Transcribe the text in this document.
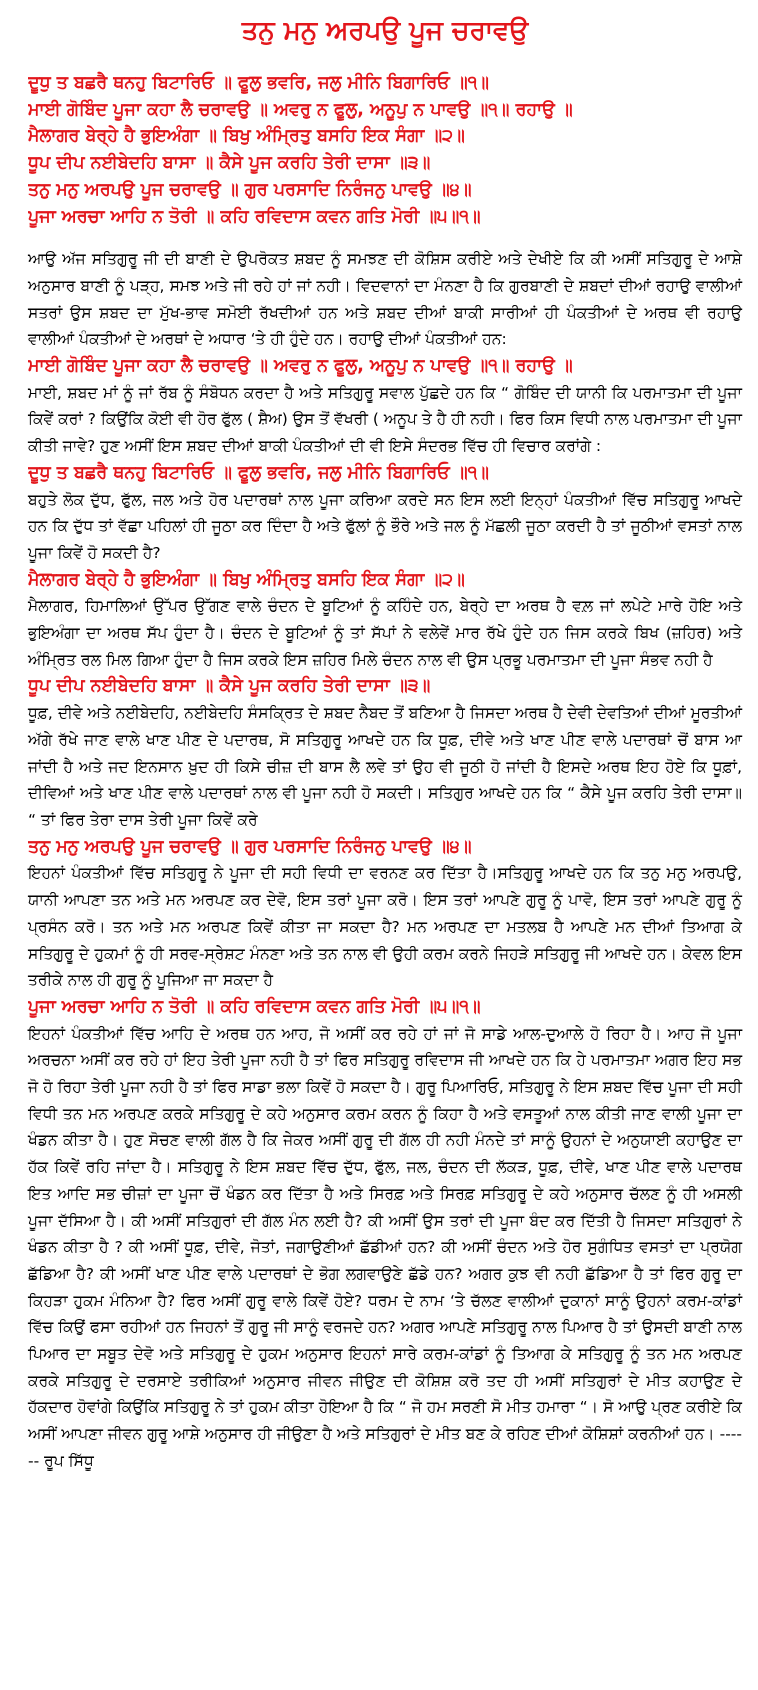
ਤਨੁ ਮਨੁ ਅਰਪਉ ਪੂਜ ਚਰਾਵਉ
ਦੂਧੁ ਤ ਬਛਰੈ ਥਨਹੁ ਬਿਟਾਰਿਓ ॥ ਫੂਲੁ ਭਵਰਿ, ਜਲੁ ਮੀਨਿ ਬਿਗਾਰਿਓ ॥੧॥
ਮਾਈ ਗੋਬਿੰਦ ਪੂਜਾ ਕਹਾ ਲੈ ਚਰਾਵਉ ॥ ਅਵਰੁ ਨ ਫੂਲੁ, ਅਨੂਪੁ ਨ ਪਾਵਉ ॥੧॥ ਰਹਾਉ ॥
ਮੈਲਾਗਰ ਬੇਰ੍ਹੇ ਹੈ ਭੁਇਅੰਗਾ ॥ ਬਿਖੁ ਅੰਮ੍ਰਿਤੁ ਬਸਹਿ ਇਕ ਸੰਗਾ ॥੨॥
ਧੂਪ ਦੀਪ ਨਈਬੇਦਹਿ ਬਾਸਾ ॥ ਕੈਸੇ ਪੂਜ ਕਰਹਿ ਤੇਰੀ ਦਾਸਾ ॥੩॥
ਤਨੁ ਮਨੁ ਅਰਪਉ ਪੂਜ ਚਰਾਵਉ ॥ ਗੁਰ ਪਰਸਾਦਿ ਨਿਰੰਜਨੁ ਪਾਵਉ ॥੪॥
ਪੂਜਾ ਅਰਚਾ ਆਹਿ ਨ ਤੋਰੀ ॥ ਕਹਿ ਰਵਿਦਾਸ ਕਵਨ ਗਤਿ ਮੋਰੀ ॥੫॥੧॥

ਆਉ ਅੱਜ ਸਤਿਗੁਰੂ ਜੀ ਦੀ ਬਾਣੀ ਦੇ ਉਪਰੋਕਤ ਸ਼ਬਦ ਨੂੰ ਸਮਝਣ ਦੀ ਕੋਸ਼ਿਸ ਕਰੀਏ ਅਤੇ ਦੇਖੀਏ ਕਿ ਕੀ ਅਸੀਂ ਸਤਿਗੁਰੂ ਦੇ ਆਸ਼ੇ ਅਨੁਸਾਰ ਬਾਣੀ ਨੂੰ ਪੜ੍ਹ, ਸਮਝ ਅਤੇ ਜੀ ਰਹੇ ਹਾਂ ਜਾਂ ਨਹੀ। ਵਿਦਵਾਨਾਂ ਦਾ ਮੰਨਣਾ ਹੈ ਕਿ ਗੁਰਬਾਣੀ ਦੇ ਸ਼ਬਦਾਂ ਦੀਆਂ ਰਹਾਉ ਵਾਲੀਆਂ ਸਤਰਾਂ ਉਸ ਸ਼ਬਦ ਦਾ ਮੁੱਖ-ਭਾਵ ਸਮੋਈ ਰੱਖਦੀਆਂ ਹਨ ਅਤੇ ਸ਼ਬਦ ਦੀਆਂ ਬਾਕੀ ਸਾਰੀਆਂ ਹੀ ਪੰਕਤੀਆਂ ਦੇ ਅਰਥ ਵੀ ਰਹਾਉ ਵਾਲੀਆਂ ਪੰਕਤੀਆਂ ਦੇ ਅਰਥਾਂ ਦੇ ਅਧਾਰ ‘ਤੇ ਹੀ ਹੁੰਦੇ ਹਨ। ਰਹਾਉ ਦੀਆਂ ਪੰਕਤੀਆਂ ਹਨ:

ਮਾਈ ਗੋਬਿੰਦ ਪੂਜਾ ਕਹਾ ਲੈ ਚਰਾਵਉ ॥ ਅਵਰੁ ਨ ਫੂਲੁ, ਅਨੂਪੁ ਨ ਪਾਵਉ ॥੧॥ ਰਹਾਉ ॥

ਮਾਈ, ਸ਼ਬਦ ਮਾਂ ਨੂੰ ਜਾਂ ਰੱਬ ਨੂੰ ਸੰਬੋਧਨ ਕਰਦਾ ਹੈ ਅਤੇ ਸਤਿਗੁਰੂ ਸਵਾਲ ਪੁੱਛਦੇ ਹਨ ਕਿ “ ਗੋਬਿੰਦ ਦੀ ਯਾਨੀ ਕਿ ਪਰਮਾਤਮਾ ਦੀ ਪੂਜਾ ਕਿਵੇਂ ਕਰਾਂ ? ਕਿਉਂਕਿ ਕੋਈ ਵੀ ਹੋਰ ਫੁੱਲ ( ਸ਼ੈਅ) ਉਸ ਤੋਂ ਵੱਖਰੀ ( ਅਨੂਪ ਤੇ ਹੈ ਹੀ ਨਹੀ। ਫਿਰ ਕਿਸ ਵਿਧੀ ਨਾਲ ਪਰਮਾਤਮਾ ਦੀ ਪੂਜਾ ਕੀਤੀ ਜਾਵੇ? ਹੁਣ ਅਸੀਂ ਇਸ ਸ਼ਬਦ ਦੀਆਂ ਬਾਕੀ ਪੰਕਤੀਆਂ ਦੀ ਵੀ ਇਸੇ ਸੰਦਰਭ ਵਿੱਚ ਹੀ ਵਿਚਾਰ ਕਰਾਂਗੇ :

ਦੂਧੁ ਤ ਬਛਰੈ ਥਨਹੁ ਬਿਟਾਰਿਓ ॥ ਫੂਲੁ ਭਵਰਿ, ਜਲੁ ਮੀਨਿ ਬਿਗਾਰਿਓ ॥੧॥

ਬਹੁਤੇ ਲੋਕ ਦੁੱਧ, ਫੁੱਲ, ਜਲ ਅਤੇ ਹੋਰ ਪਦਾਰਥਾਂ ਨਾਲ ਪੂਜਾ ਕਰਿਆ ਕਰਦੇ ਸਨ ਇਸ ਲਈ ਇਨ੍ਹਾਂ ਪੰਕਤੀਆਂ ਵਿੱਚ ਸਤਿਗੁਰੂ ਆਖਦੇ ਹਨ ਕਿ ਦੁੱਧ ਤਾਂ ਵੱਛਾ ਪਹਿਲਾਂ ਹੀ ਜੂਠਾ ਕਰ ਦਿੰਦਾ ਹੈ ਅਤੇ ਫੁੱਲਾਂ ਨੂੰ ਭੌਰੇ ਅਤੇ ਜਲ ਨੂੰ ਮੱਛਲੀ ਜੂਠਾ ਕਰਦੀ ਹੈ ਤਾਂ ਜੂਠੀਆਂ ਵਸਤਾਂ ਨਾਲ ਪੂਜਾ ਕਿਵੇਂ ਹੋ ਸਕਦੀ ਹੈ?

ਮੈਲਾਗਰ ਬੇਰ੍ਹੇ ਹੈ ਭੁਇਅੰਗਾ ॥ ਬਿਖੁ ਅੰਮ੍ਰਿਤੁ ਬਸਹਿ ਇਕ ਸੰਗਾ ॥੨॥

ਮੈਲਾਗਰ, ਹਿਮਾਲਿਆਂ ਉੱਪਰ ਉੱਗਣ ਵਾਲੇ ਚੰਦਨ ਦੇ ਬੂਟਿਆਂ ਨੂੰ ਕਹਿੰਦੇ ਹਨ, ਬੇਰ੍ਹੇ ਦਾ ਅਰਥ ਹੈ ਵਲ਼ ਜਾਂ ਲਪੇਟੇ ਮਾਰੇ ਹੋਇ ਅਤੇ ਭੁਇਅੰਗਾ ਦਾ ਅਰਥ ਸੱਪ ਹੁੰਦਾ ਹੈ। ਚੰਦਨ ਦੇ ਬੂਟਿਆਂ ਨੂੰ ਤਾਂ ਸੱਪਾਂ ਨੇ ਵਲੇਵੇਂ ਮਾਰ ਰੱਖੇ ਹੁੰਦੇ ਹਨ ਜਿਸ ਕਰਕੇ ਬਿਖ (ਜ਼ਹਿਰ) ਅਤੇ ਅੰਮ੍ਰਿਤ ਰਲ ਮਿਲ ਗਿਆ ਹੁੰਦਾ ਹੈ ਜਿਸ ਕਰਕੇ ਇਸ ਜ਼ਹਿਰ ਮਿਲੇ ਚੰਦਨ ਨਾਲ ਵੀ ਉਸ ਪ੍ਰਭੂ ਪਰਮਾਤਮਾ ਦੀ ਪੂਜਾ ਸੰਭਵ ਨਹੀ ਹੈ

ਧੂਪ ਦੀਪ ਨਈਬੇਦਹਿ ਬਾਸਾ ॥ ਕੈਸੇ ਪੂਜ ਕਰਹਿ ਤੇਰੀ ਦਾਸਾ ॥੩॥

ਧੂਫ਼, ਦੀਵੇ ਅਤੇ ਨਈਬੇਦਹਿ, ਨਈਬੇਦਹਿ ਸੰਸਕ੍ਰਿਤ ਦੇ ਸ਼ਬਦ ਨੈਬਦ ਤੋਂ ਬਣਿਆ ਹੈ ਜਿਸਦਾ ਅਰਥ ਹੈ ਦੇਵੀ ਦੇਵਤਿਆਂ ਦੀਆਂ ਮੂਰਤੀਆਂ ਅੱਗੇ ਰੱਖੇ ਜਾਣ ਵਾਲੇ ਖਾਣ ਪੀਣ ਦੇ ਪਦਾਰਥ, ਸੋ ਸਤਿਗੁਰੂ ਆਖਦੇ ਹਨ ਕਿ ਧੂਫ਼, ਦੀਵੇ ਅਤੇ ਖਾਣ ਪੀਣ ਵਾਲੇ ਪਦਾਰਥਾਂ ਚੋਂ ਬਾਸ ਆ ਜਾਂਦੀ ਹੈ ਅਤੇ ਜਦ ਇਨਸਾਨ ਖ਼ੁਦ ਹੀ ਕਿਸੇ ਚੀਜ਼ ਦੀ ਬਾਸ ਲੈ ਲਵੇ ਤਾਂ ਉਹ ਵੀ ਜੂਠੀ ਹੋ ਜਾਂਦੀ ਹੈ ਇਸਦੇ ਅਰਥ ਇਹ ਹੋਏ ਕਿ ਧੂਫ਼ਾਂ, ਦੀਵਿਆਂ ਅਤੇ ਖਾਣ ਪੀਣ ਵਾਲੇ ਪਦਾਰਥਾਂ ਨਾਲ ਵੀ ਪੂਜਾ ਨਹੀ ਹੋ ਸਕਦੀ। ਸਤਿਗੁਰ ਆਖਦੇ ਹਨ ਕਿ “ ਕੈਸੇ ਪੂਜ ਕਰਹਿ ਤੇਰੀ ਦਾਸਾ॥ “ ਤਾਂ ਫਿਰ ਤੇਰਾ ਦਾਸ ਤੇਰੀ ਪੂਜਾ ਕਿਵੇਂ ਕਰੇ

ਤਨੁ ਮਨੁ ਅਰਪਉ ਪੂਜ ਚਰਾਵਉ ॥ ਗੁਰ ਪਰਸਾਦਿ ਨਿਰੰਜਨੁ ਪਾਵਉ ॥੪॥

ਇਹਨਾਂ ਪੰਕਤੀਆਂ ਵਿੱਚ ਸਤਿਗੁਰੂ ਨੇ ਪੂਜਾ ਦੀ ਸਹੀ ਵਿਧੀ ਦਾ ਵਰਨਣ ਕਰ ਦਿੱਤਾ ਹੈ।ਸਤਿਗੁਰੂ ਆਖਦੇ ਹਨ ਕਿ ਤਨੁ ਮਨੁ ਅਰਪਉ, ਯਾਨੀ ਆਪਣਾ ਤਨ ਅਤੇ ਮਨ ਅਰਪਣ ਕਰ ਦੇਵੋ, ਇਸ ਤਰਾਂ ਪੂਜਾ ਕਰੋ। ਇਸ ਤਰਾਂ ਆਪਣੇ ਗੁਰੂ ਨੂੰ ਪਾਵੋ, ਇਸ ਤਰਾਂ ਆਪਣੇ ਗੁਰੂ ਨੂੰ ਪ੍ਰਸੰਨ ਕਰੋ। ਤਨ ਅਤੇ ਮਨ ਅਰਪਣ ਕਿਵੇਂ ਕੀਤਾ ਜਾ ਸਕਦਾ ਹੈ? ਮਨ ਅਰਪਣ ਦਾ ਮਤਲਬ ਹੈ ਆਪਣੇ ਮਨ ਦੀਆਂ ਤਿਆਗ ਕੇ ਸਤਿਗੁਰੂ ਦੇ ਹੁਕਮਾਂ ਨੂੰ ਹੀ ਸਰਵ-ਸ੍ਰੇਸ਼ਟ ਮੰਨਣਾ ਅਤੇ ਤਨ ਨਾਲ ਵੀ ਉਹੀ ਕਰਮ ਕਰਨੇ ਜਿਹੜੇ ਸਤਿਗੁਰੂ ਜੀ ਆਖਦੇ ਹਨ। ਕੇਵਲ ਇਸ ਤਰੀਕੇ ਨਾਲ ਹੀ ਗੁਰੂ ਨੂੰ ਪੂਜਿਆ ਜਾ ਸਕਦਾ ਹੈ

ਪੂਜਾ ਅਰਚਾ ਆਹਿ ਨ ਤੋਰੀ ॥ ਕਹਿ ਰਵਿਦਾਸ ਕਵਨ ਗਤਿ ਮੋਰੀ ॥੫॥੧॥

ਇਹਨਾਂ ਪੰਕਤੀਆਂ ਵਿੱਚ ਆਹਿ ਦੇ ਅਰਥ ਹਨ ਆਹ, ਜੋ ਅਸੀਂ ਕਰ ਰਹੇ ਹਾਂ ਜਾਂ ਜੋ ਸਾਡੇ ਆਲ-ਦੁਆਲੇ ਹੋ ਰਿਹਾ ਹੈ। ਆਹ ਜੋ ਪੂਜਾ ਅਰਚਨਾ ਅਸੀਂ ਕਰ ਰਹੇ ਹਾਂ ਇਹ ਤੇਰੀ ਪੂਜਾ ਨਹੀ ਹੈ ਤਾਂ ਫਿਰ ਸਤਿਗੁਰੂ ਰਵਿਦਾਸ ਜੀ ਆਖਦੇ ਹਨ ਕਿ ਹੇ ਪਰਮਾਤਮਾ ਅਗਰ ਇਹ ਸਭ ਜੋ ਹੋ ਰਿਹਾ ਤੇਰੀ ਪੂਜਾ ਨਹੀ ਹੈ ਤਾਂ ਫਿਰ ਸਾਡਾ ਭਲਾ ਕਿਵੇਂ ਹੋ ਸਕਦਾ ਹੈ। ਗੁਰੂ ਪਿਆਰਿਓ, ਸਤਿਗੁਰੂ ਨੇ ਇਸ ਸ਼ਬਦ ਵਿੱਚ ਪੂਜਾ ਦੀ ਸਹੀ ਵਿਧੀ ਤਨ ਮਨ ਅਰਪਣ ਕਰਕੇ ਸਤਿਗੁਰੂ ਦੇ ਕਹੇ ਅਨੁਸਾਰ ਕਰਮ ਕਰਨ ਨੂੰ ਕਿਹਾ ਹੈ ਅਤੇ ਵਸਤੂਆਂ ਨਾਲ ਕੀਤੀ ਜਾਣ ਵਾਲੀ ਪੂਜਾ ਦਾ ਖੰਡਨ ਕੀਤਾ ਹੈ। ਹੁਣ ਸੋਚਣ ਵਾਲੀ ਗੱਲ ਹੈ ਕਿ ਜੇਕਰ ਅਸੀਂ ਗੁਰੂ ਦੀ ਗੱਲ ਹੀ ਨਹੀ ਮੰਨਦੇ ਤਾਂ ਸਾਨੂੰ ਉਹਨਾਂ ਦੇ ਅਨੁਯਾਈ ਕਹਾਉਣ ਦਾ ਹੱਕ ਕਿਵੇਂ ਰਹਿ ਜਾਂਦਾ ਹੈ। ਸਤਿਗੁਰੂ ਨੇ ਇਸ ਸ਼ਬਦ ਵਿੱਚ ਦੁੱਧ, ਫੁੱਲ, ਜਲ, ਚੰਦਨ ਦੀ ਲੱਕੜ, ਧੂਫ਼, ਦੀਵੇ, ਖਾਣ ਪੀਣ ਵਾਲੇ ਪਦਾਰਥ ਇਤ ਆਦਿ ਸਭ ਚੀਜ਼ਾਂ ਦਾ ਪੂਜਾ ਚੋਂ ਖੰਡਨ ਕਰ ਦਿੱਤਾ ਹੈ ਅਤੇ ਸਿਰਫ਼ ਅਤੇ ਸਿਰਫ਼ ਸਤਿਗੁਰੂ ਦੇ ਕਹੇ ਅਨੁਸਾਰ ਚੱਲਣ ਨੂੰ ਹੀ ਅਸਲੀ ਪੂਜਾ ਦੱਸਿਆ ਹੈ। ਕੀ ਅਸੀਂ ਸਤਿਗੁਰਾਂ ਦੀ ਗੱਲ ਮੰਨ ਲਈ ਹੈ? ਕੀ ਅਸੀਂ ਉਸ ਤਰਾਂ ਦੀ ਪੂਜਾ ਬੰਦ ਕਰ ਦਿੱਤੀ ਹੈ ਜਿਸਦਾ ਸਤਿਗੁਰਾਂ ਨੇ ਖੰਡਨ ਕੀਤਾ ਹੈ ? ਕੀ ਅਸੀਂ ਧੂਫ਼, ਦੀਵੇ, ਜੋਤਾਂ, ਜਗਾਉਣੀਆਂ ਛੱਡੀਆਂ ਹਨ? ਕੀ ਅਸੀਂ ਚੰਦਨ ਅਤੇ ਹੋਰ ਸੁਗੰਧਿਤ ਵਸਤਾਂ ਦਾ ਪ੍ਰਯੋਗ ਛੱਡਿਆ ਹੈ? ਕੀ ਅਸੀਂ ਖਾਣ ਪੀਣ ਵਾਲੇ ਪਦਾਰਥਾਂ ਦੇ ਭੋਗ ਲਗਵਾਉਣੇ ਛੱਡੇ ਹਨ? ਅਗਰ ਕੁਝ ਵੀ ਨਹੀ ਛੱਡਿਆ ਹੈ ਤਾਂ ਫਿਰ ਗੁਰੂ ਦਾ ਕਿਹੜਾ ਹੁਕਮ ਮੰਨਿਆ ਹੈ? ਫਿਰ ਅਸੀਂ ਗੁਰੂ ਵਾਲੇ ਕਿਵੇਂ ਹੋਏ? ਧਰਮ ਦੇ ਨਾਮ ‘ਤੇ ਚੱਲਣ ਵਾਲੀਆਂ ਦੁਕਾਨਾਂ ਸਾਨੂੰ ਉਹਨਾਂ ਕਰਮ-ਕਾਂਡਾਂ ਵਿੱਚ ਕਿਉਂ ਫਸਾ ਰਹੀਆਂ ਹਨ ਜਿਹਨਾਂ ਤੋਂ ਗੁਰੂ ਜੀ ਸਾਨੂੰ ਵਰਜਦੇ ਹਨ? ਅਗਰ ਆਪਣੇ ਸਤਿਗੁਰੂ ਨਾਲ ਪਿਆਰ ਹੈ ਤਾਂ ਉਸਦੀ ਬਾਣੀ ਨਾਲ ਪਿਆਰ ਦਾ ਸਬੂਤ ਦੇਵੋ ਅਤੇ ਸਤਿਗੁਰੂ ਦੇ ਹੁਕਮ ਅਨੁਸਾਰ ਇਹਨਾਂ ਸਾਰੇ ਕਰਮ-ਕਾਂਡਾਂ ਨੂੰ ਤਿਆਗ ਕੇ ਸਤਿਗੁਰੂ ਨੂੰ ਤਨ ਮਨ ਅਰਪਣ ਕਰਕੇ ਸਤਿਗੁਰੂ ਦੇ ਦਰਸਾਏ ਤਰੀਕਿਆਂ ਅਨੁਸਾਰ ਜੀਵਨ ਜੀਉਣ ਦੀ ਕੋਸ਼ਿਸ਼ ਕਰੋ ਤਦ ਹੀ ਅਸੀਂ ਸਤਿਗੁਰਾਂ ਦੇ ਮੀਤ ਕਹਾਉਣ ਦੇ ਹੱਕਦਾਰ ਹੋਵਾਂਗੇ ਕਿਉਂਕਿ ਸਤਿਗੁਰੂ ਨੇ ਤਾਂ ਹੁਕਮ ਕੀਤਾ ਹੋਇਆ ਹੈ ਕਿ “ ਜੋ ਹਮ ਸਰਣੀ ਸੋ ਮੀਤ ਹਮਾਰਾ “। ਸੋ ਆਉ ਪ੍ਰਣ ਕਰੀਏ ਕਿ ਅਸੀਂ ਆਪਣਾ ਜੀਵਨ ਗੁਰੂ ਆਸ਼ੇ ਅਨੁਸਾਰ ਹੀ ਜੀਉਣਾ ਹੈ ਅਤੇ ਸਤਿਗੁਰਾਂ ਦੇ ਮੀਤ ਬਣ ਕੇ ਰਹਿਣ ਦੀਆਂ ਕੋਸ਼ਿਸ਼ਾਂ ਕਰਨੀਆਂ ਹਨ। ------ ਰੂਪ ਸਿੱਧੂ
